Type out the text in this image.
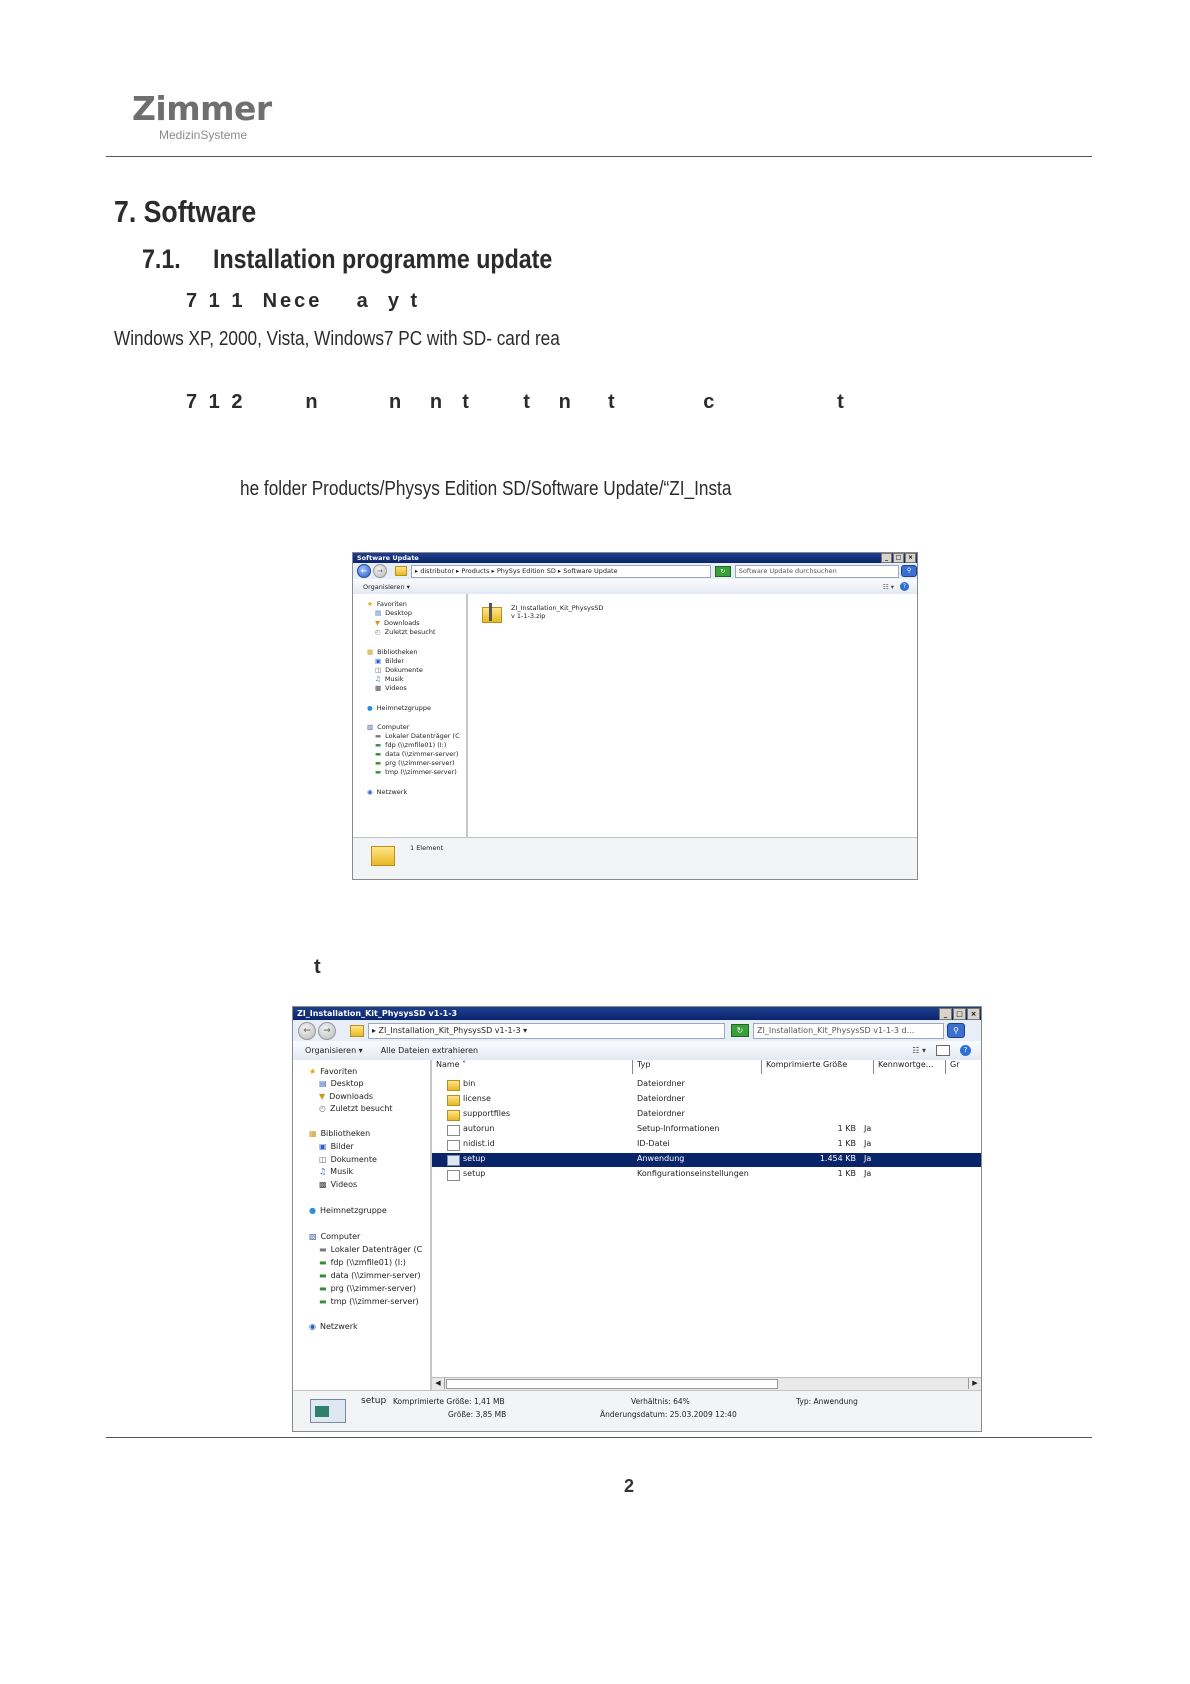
Zimmer
MedizinSysteme
7. Software
7.1. Installation programme update
7 1 1  Nece    a  y t
Windows XP, 2000, Vista, Windows7 PC with SD- card rea
7 1 2       n        n   n  t      t   n    t          c              t
he folder Products/Physys Edition SD/Software Update/“ZI_Insta
Software Update	_	□	×
←	→	▸ distributor ▸ Products ▸ PhySys Edition SD ▸ Software Update	↻	Software Update durchsuchen	⚲
Organisieren ▾	☷ ▾	?
★ Favoriten
▤ Desktop
▼ Downloads
◴ Zuletzt besucht
▦ Bibliotheken
▣ Bilder
◫ Dokumente
♫ Musik
▩ Videos
● Heimnetzgruppe
▧ Computer
▬ Lokaler Datenträger (C
▬ fdp (\\zmfile01) (I:)
▬ data (\\zimmer-server)
▬ prg (\\zimmer-server)
▬ tmp (\\zimmer-server)
◉ Netzwerk
ZI_Installation_Kit_PhysysSD
v 1-1-3.zip
1 Element
t
ZI_Installation_Kit_PhysysSD v1-1-3	_	□	×
←	→	▸ ZI_Installation_Kit_PhysysSD v1-1-3 ▾	↻	ZI_Installation_Kit_PhysysSD v1-1-3 d...	⚲
Organisieren ▾ Alle Dateien extrahieren	☷ ▾	?
★ Favoriten
▤ Desktop
▼ Downloads
◴ Zuletzt besucht
▦ Bibliotheken
▣ Bilder
◫ Dokumente
♫ Musik
▩ Videos
● Heimnetzgruppe
▧ Computer
▬ Lokaler Datenträger (C
▬ fdp (\\zmfile01) (I:)
▬ data (\\zimmer-server)
▬ prg (\\zimmer-server)
▬ tmp (\\zimmer-server)
◉ Netzwerk
Name ˄	Typ	Komprimierte Größe	Kennwortge...	Gr
bin	Dateiordner
license	Dateiordner
supportfiles	Dateiordner
autorun	Setup-Informationen	1 KB Ja
nidist.id	ID-Datei	1 KB Ja
setup	Anwendung	1.454 KB Ja
setup	Konfigurationseinstellungen	1 KB Ja
◀	▶
setup Komprimierte Größe: 1,41 MB
Größe: 3,85 MB
Verhältnis: 64%
Änderungsdatum: 25.03.2009 12:40
Typ: Anwendung
2
